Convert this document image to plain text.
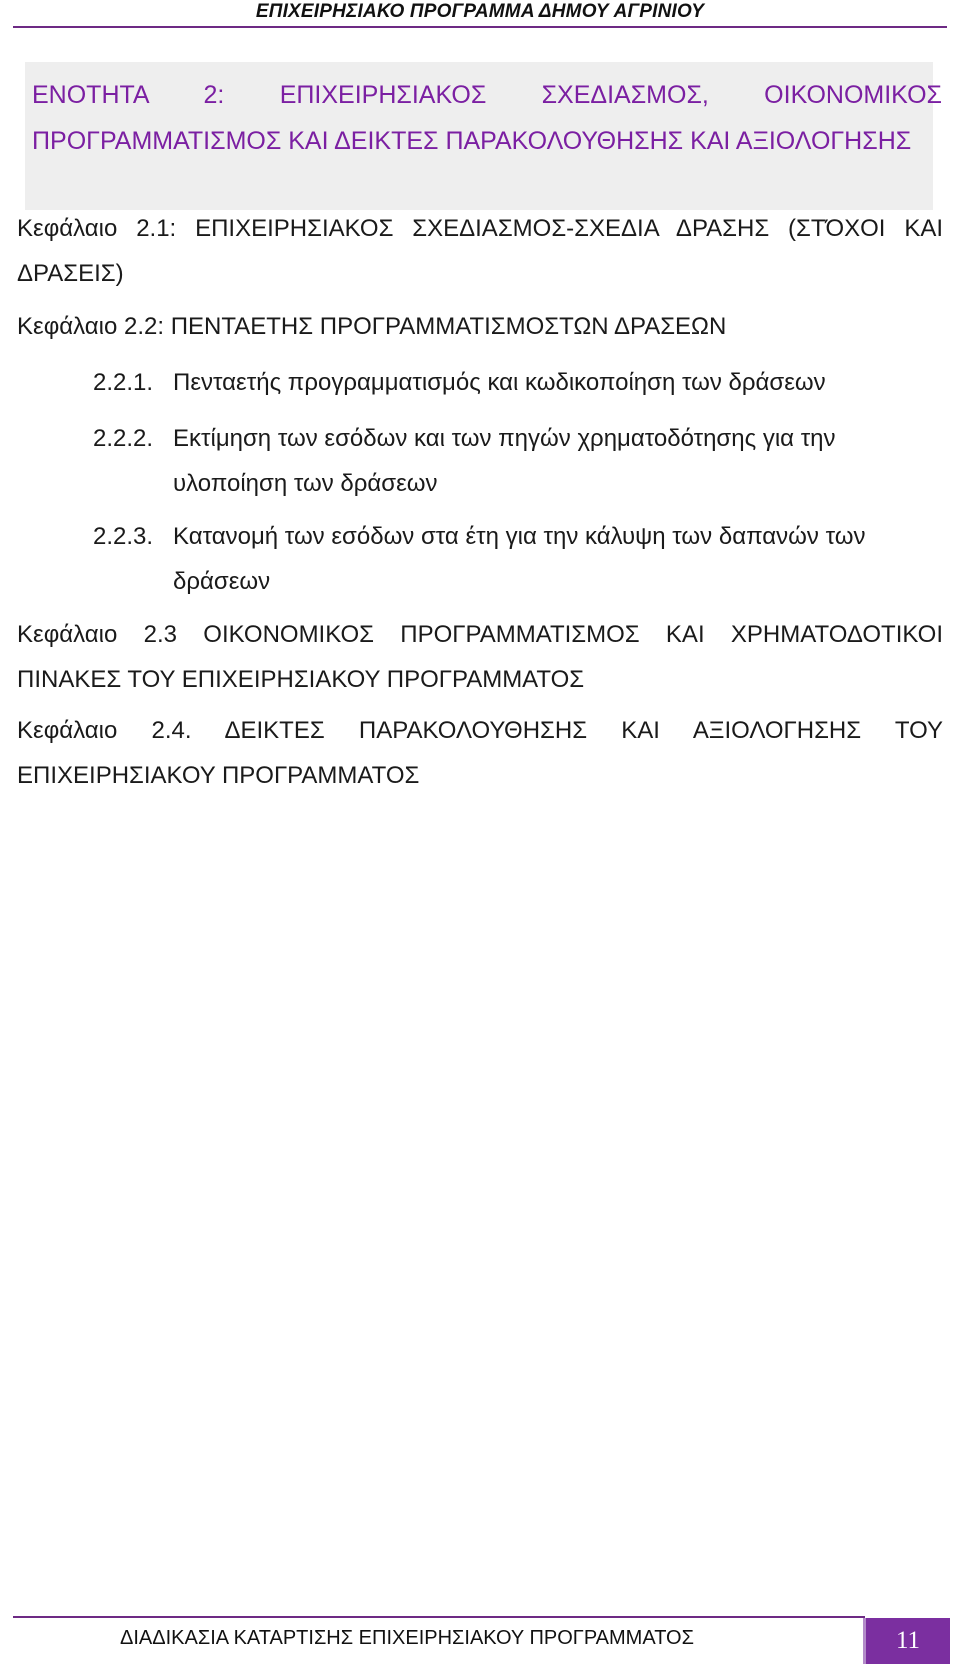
ΕΠΙΧΕΙΡΗΣΙΑΚΟ ΠΡΟΓΡΑΜΜΑ ΔΗΜΟΥ ΑΓΡΙΝΙΟΥ
ΕΝΟΤΗΤΑ 2: ΕΠΙΧΕΙΡΗΣΙΑΚΟΣ ΣΧΕΔΙΑΣΜΟΣ, ΟΙΚΟΝΟΜΙΚΟΣ ΠΡΟΓΡΑΜΜΑΤΙΣΜΟΣ ΚΑΙ ΔΕΙΚΤΕΣ ΠΑΡΑΚΟΛΟΥΘΗΣΗΣ ΚΑΙ ΑΞΙΟΛΟΓΗΣΗΣ
Κεφάλαιο 2.1: ΕΠΙΧΕΙΡΗΣΙΑΚΟΣ ΣΧΕΔΙΑΣΜΟΣ-ΣΧΕΔΙΑ ΔΡΑΣΗΣ (ΣΤΌΧΟΙ ΚΑΙ ΔΡΑΣΕΙΣ)
Κεφάλαιο 2.2: ΠΕΝΤΑΕΤΗΣ ΠΡΟΓΡΑΜΜΑΤΙΣΜΟΣΤΩΝ ΔΡΑΣΕΩΝ
2.2.1. Πενταετής προγραμματισμός και κωδικοποίηση των δράσεων
2.2.2. Εκτίμηση των εσόδων και των πηγών χρηματοδότησης για την
υλοποίηση των δράσεων
2.2.3. Κατανομή των εσόδων στα έτη για την κάλυψη των δαπανών των
δράσεων
Κεφάλαιο 2.3 ΟΙΚΟΝΟΜΙΚΟΣ ΠΡΟΓΡΑΜΜΑΤΙΣΜΟΣ ΚΑΙ ΧΡΗΜΑΤΟΔΟΤΙΚΟΙ ΠΙΝΑΚΕΣ ΤΟΥ ΕΠΙΧΕΙΡΗΣΙΑΚΟΥ ΠΡΟΓΡΑΜΜΑΤΟΣ
Κεφάλαιο 2.4. ΔΕΙΚΤΕΣ ΠΑΡΑΚΟΛΟΥΘΗΣΗΣ ΚΑΙ ΑΞΙΟΛΟΓΗΣΗΣ ΤΟΥ ΕΠΙΧΕΙΡΗΣΙΑΚΟΥ ΠΡΟΓΡΑΜΜΑΤΟΣ
ΔΙΑΔΙΚΑΣΙΑ ΚΑΤΑΡΤΙΣΗΣ ΕΠΙΧΕΙΡΗΣΙΑΚΟΥ ΠΡΟΓΡΑΜΜΑΤΟΣ	11
